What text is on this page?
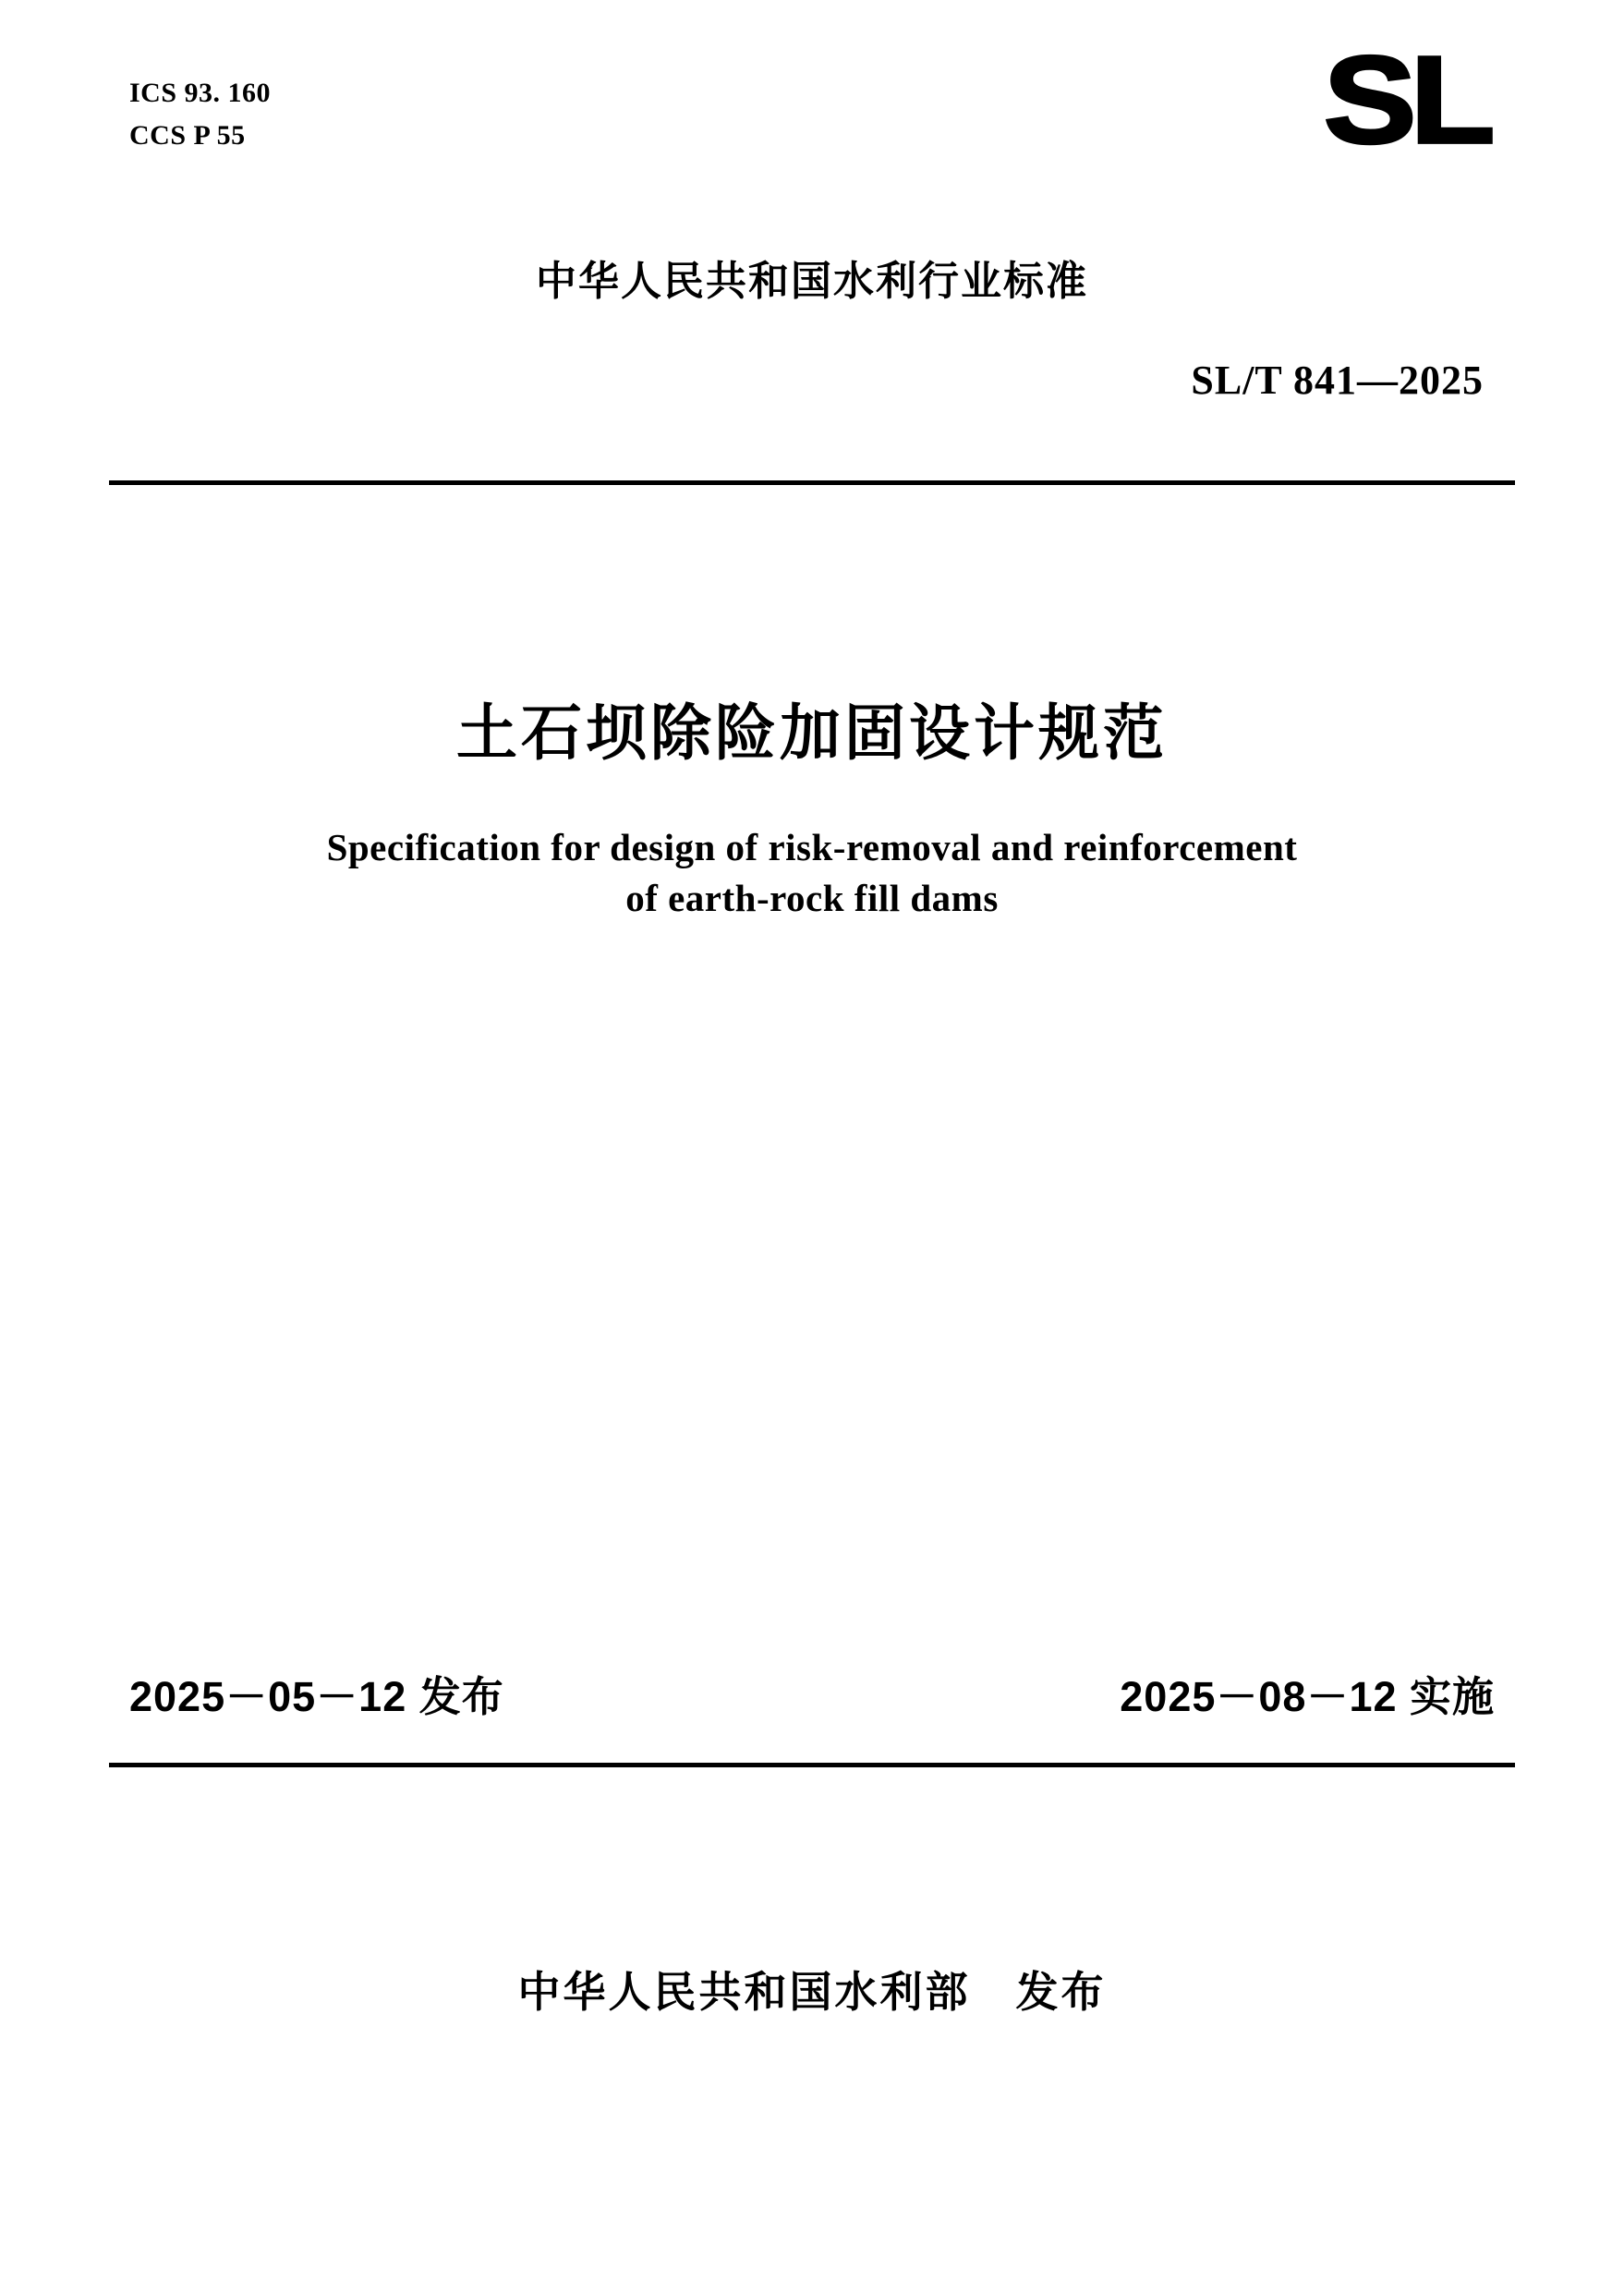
ICS 93. 160
CCS P 55	SL
中华人民共和国水利行业标准
SL/T 841—2025
土石坝除险加固设计规范
Specification for design of risk‑removal and reinforcement
of earth‑rock fill dams
2025－05－12 发布	2025－08－12 实施
中华人民共和国水利部　发布
